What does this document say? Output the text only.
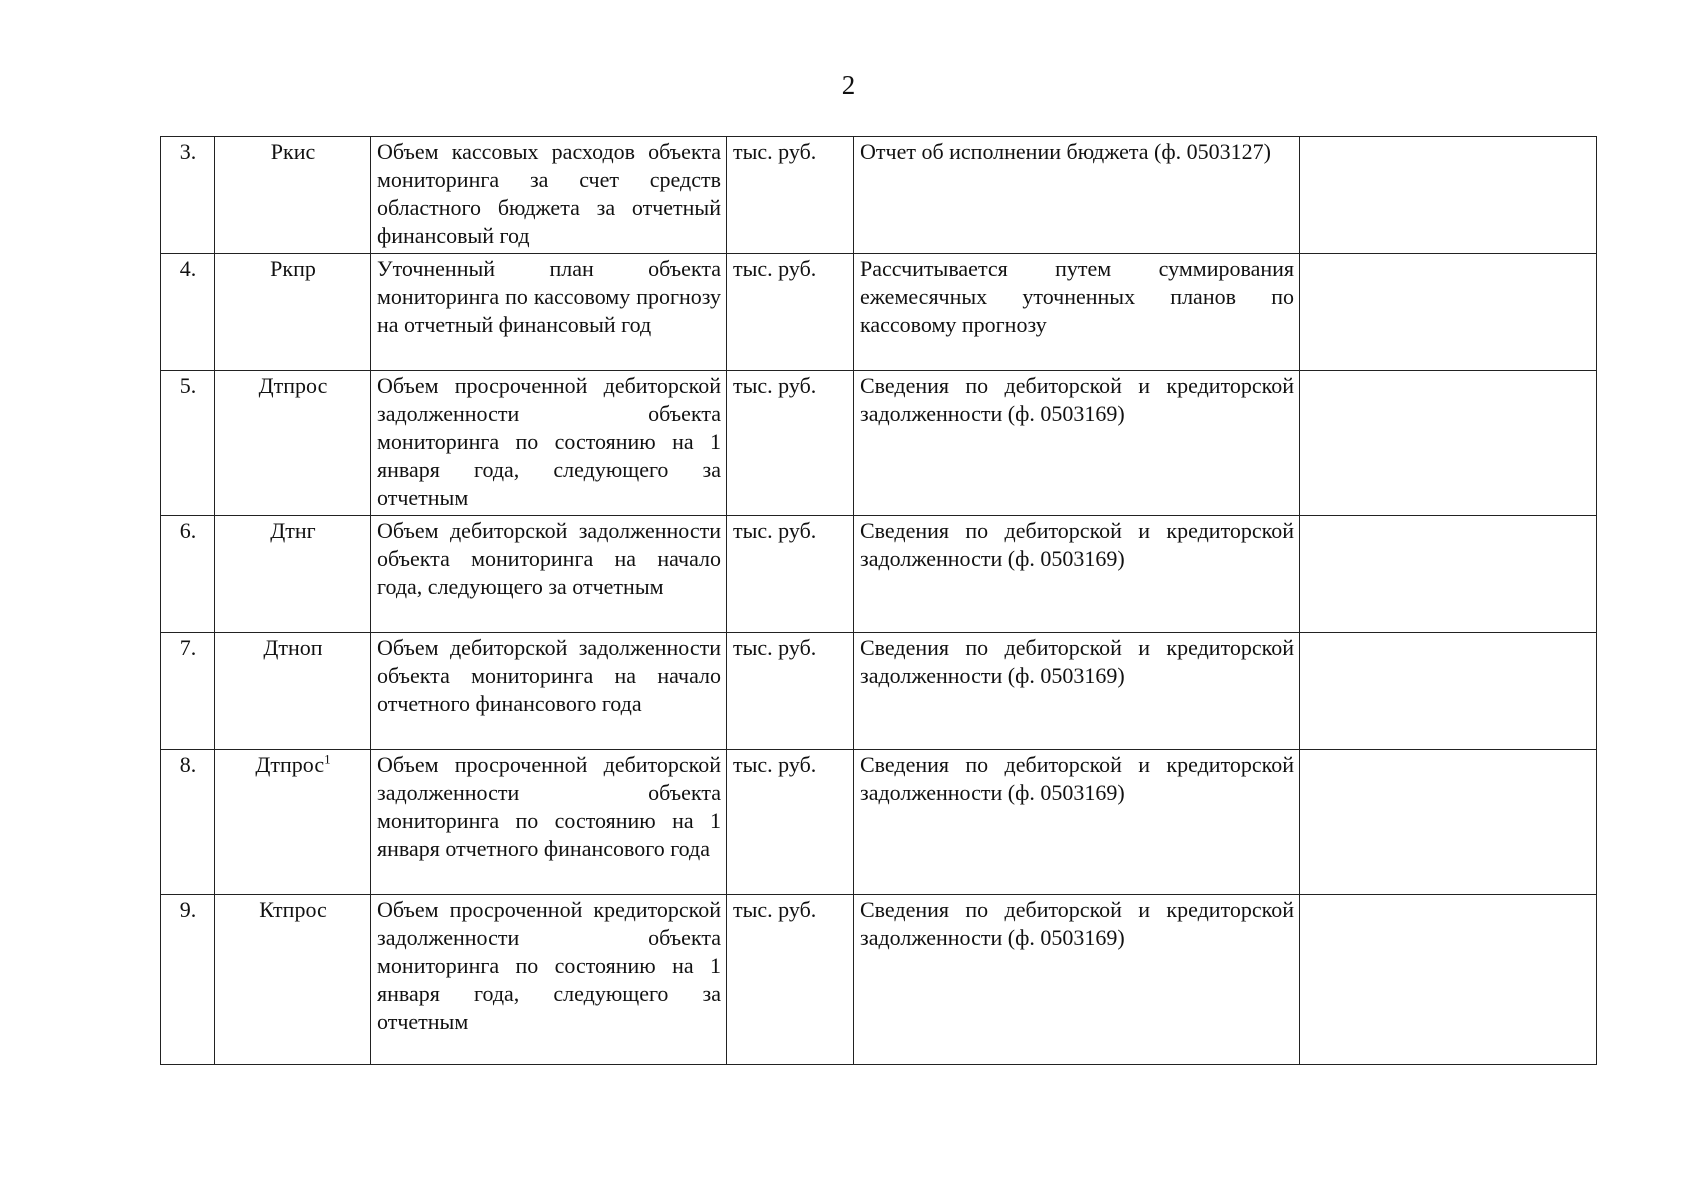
2
3.	Ркис	Объем кассовых расходов объекта мониторинга за счет средств областного бюджета за отчетный финансовый год	тыс. руб.	Отчет об исполнении бюджета (ф. 0503127)	
4.	Ркпр	Уточненный план объекта мониторинга по кассовому прогнозу на отчетный финансовый год	тыс. руб.	Рассчитывается путем суммирования ежемесячных уточненных планов по кассовому прогнозу	
5.	Дтпрос	Объем просроченной дебиторской задолженности объекта мониторинга по состоянию на 1 января года, следующего за отчетным	тыс. руб.	Сведения по дебиторской и кредиторской задолженности (ф. 0503169)	
6.	Дтнг	Объем дебиторской задолженности объекта мониторинга на начало года, следующего за отчетным	тыс. руб.	Сведения по дебиторской и кредиторской задолженности (ф. 0503169)	
7.	Дтноп	Объем дебиторской задолженности объекта мониторинга на начало отчетного финансового года	тыс. руб.	Сведения по дебиторской и кредиторской задолженности (ф. 0503169)	
8.	Дтпрос$^1$	Объем просроченной дебиторской задолженности объекта мониторинга по состоянию на 1 января отчетного финансового года	тыс. руб.	Сведения по дебиторской и кредиторской задолженности (ф. 0503169)	
9.	Ктпрос	Объем просроченной кредиторской задолженности объекта мониторинга по состоянию на 1 января года, следующего за отчетным	тыс. руб.	Сведения по дебиторской и кредиторской задолженности (ф. 0503169)	
